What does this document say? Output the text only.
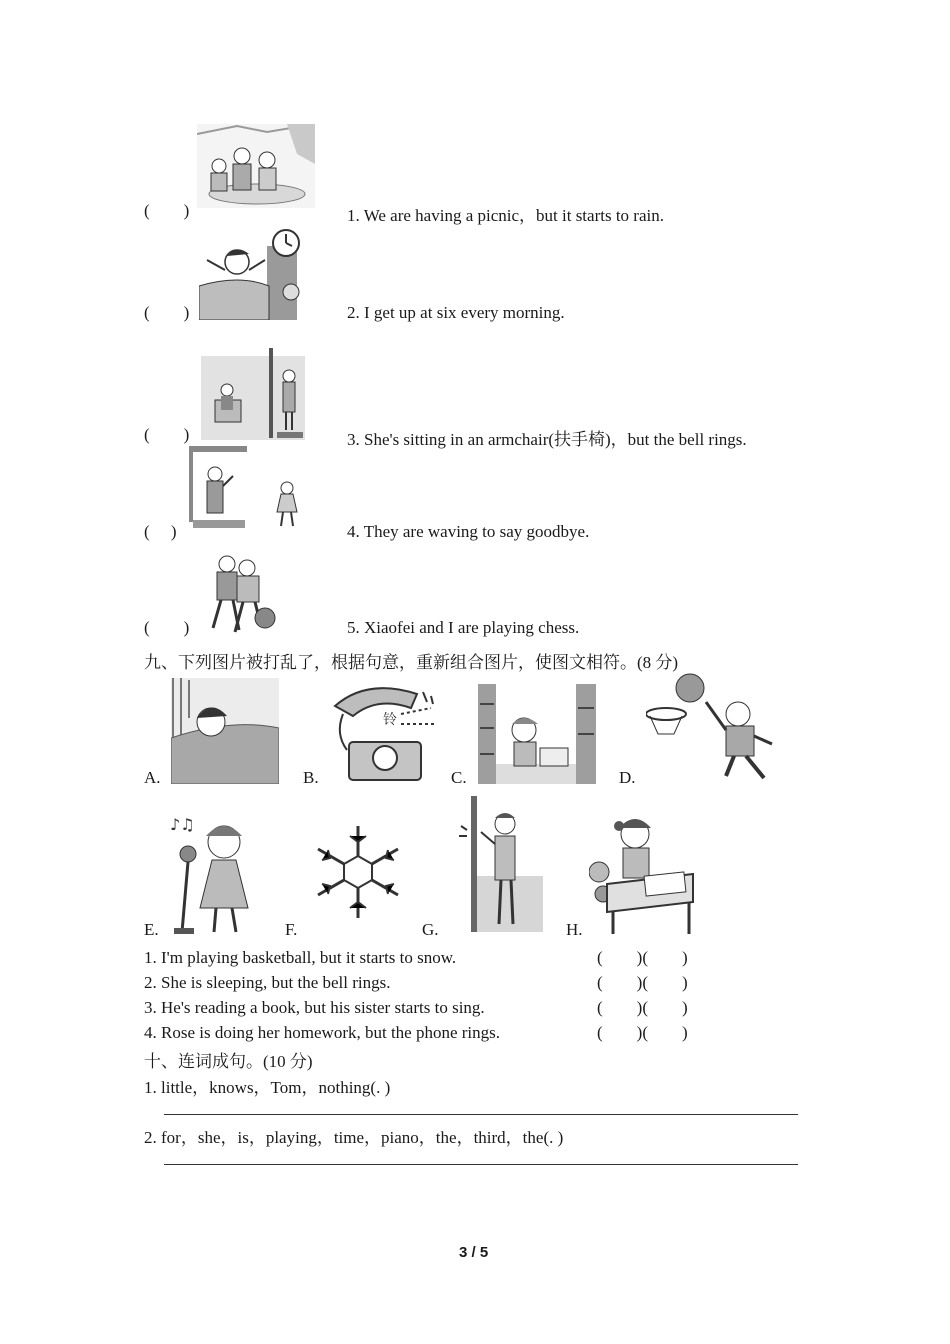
(        )	1. We are having a picnic，but it starts to rain.
(        )	2. I get up at six every morning.
(        )	3. She's sitting in an armchair(扶手椅)，but the bell rings.
(     )	4. They are waving to say goodbye.
(        )	5. Xiaofei and I are playing chess.
九、下列图片被打乱了，根据句意，重新组合图片，使图文相符。(8 分)
A.	B.
铃
C.	D.
E.
♪♫
F.	G.	H.
1. I'm playing basketball, but it starts to snow.	(        )(        )
2. She is sleeping, but the bell rings.	(        )(        )
3. He's reading a book, but his sister starts to sing.	(        )(        )
4. Rose is doing her homework, but the phone rings.	(        )(        )
十、连词成句。(10 分)
1. little，knows，Tom，nothing(. )
2. for，she，is，playing，time，piano，the，third，the(. )
3 / 5
